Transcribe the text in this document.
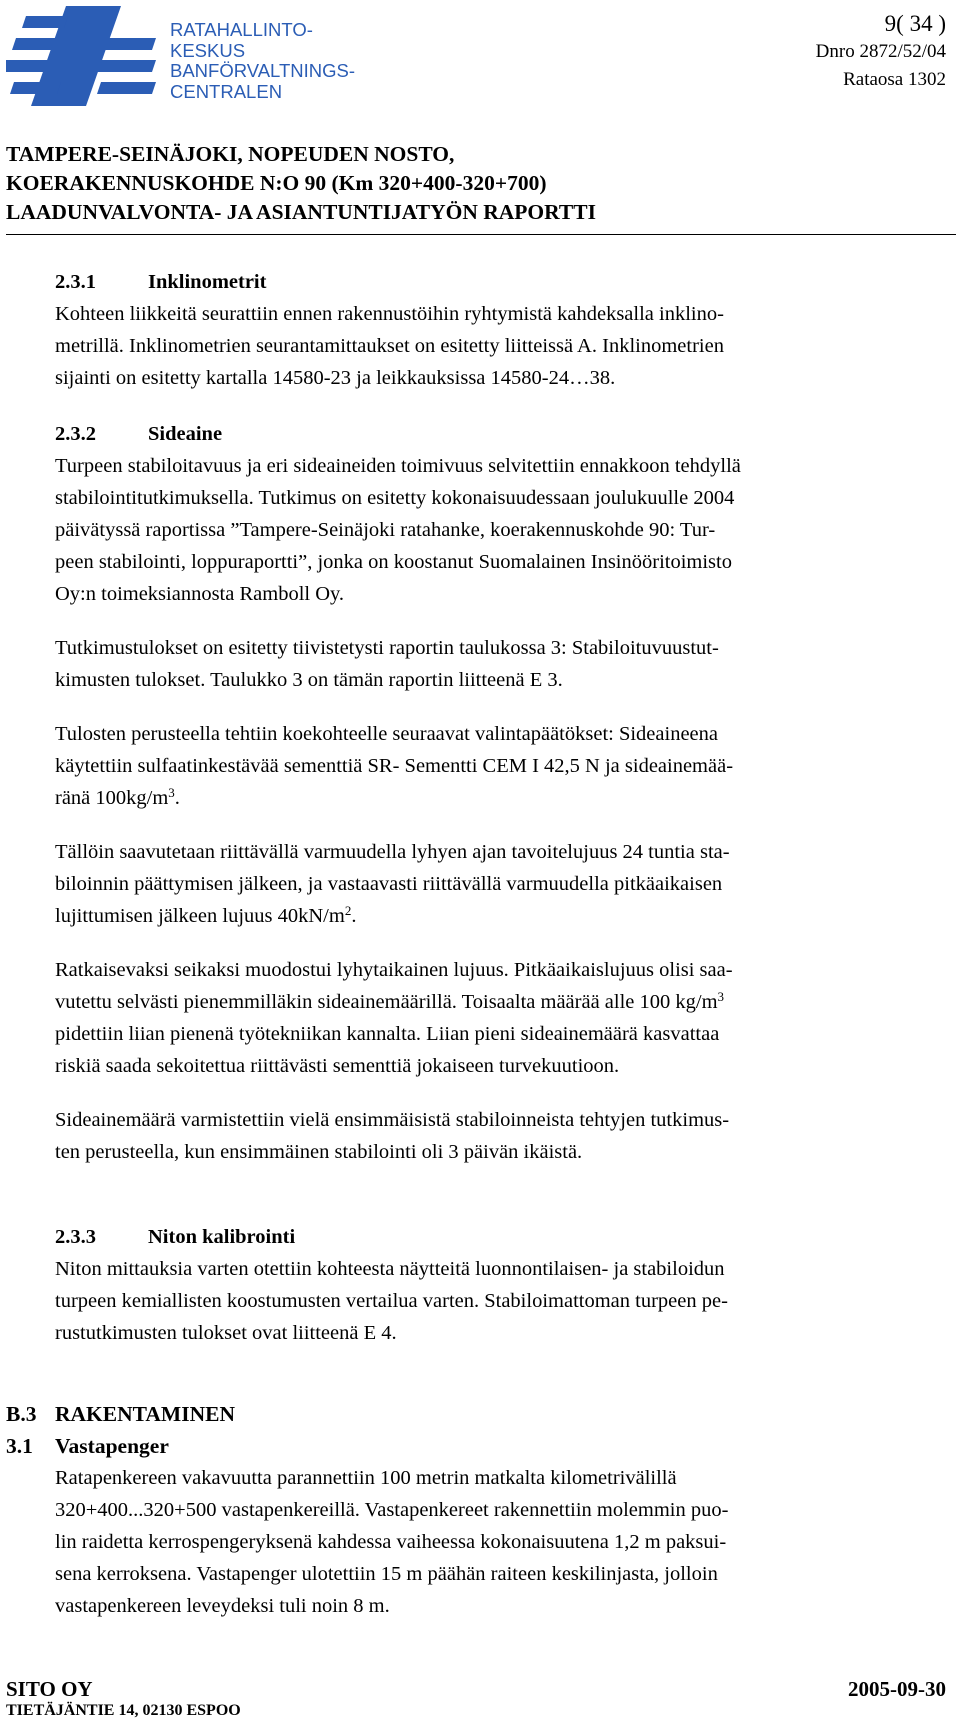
RATAHALLINTO-
KESKUS
BANFÖRVALTNINGS-
CENTRALEN
9( 34 )
Dnro 2872/52/04
Rataosa 1302
TAMPERE-SEINÄJOKI, NOPEUDEN NOSTO,
KOERAKENNUSKOHDE N:O 90 (Km 320+400-320+700)
LAADUNVALVONTA- JA ASIANTUNTIJATYÖN RAPORTTI
2.3.1	Inklinometrit

Kohteen liikkeitä seurattiin ennen rakennustöihin ryhtymistä kahdeksalla inklino-
metrillä. Inklinometrien seurantamittaukset on esitetty liitteissä A. Inklinometrien
sijainti on esitetty kartalla 14580-23 ja leikkauksissa 14580-24…38.

2.3.2	Sideaine

Turpeen stabiloitavuus ja eri sideaineiden toimivuus selvitettiin ennakkoon tehdyllä
stabilointitutkimuksella. Tutkimus on esitetty kokonaisuudessaan joulukuulle 2004
päivätyssä raportissa ”Tampere-Seinäjoki ratahanke, koerakennuskohde 90: Tur-
peen stabilointi, loppuraportti”, jonka on koostanut Suomalainen Insinööritoimisto
Oy:n toimeksiannosta Ramboll Oy.

Tutkimustulokset on esitetty tiivistetysti raportin taulukossa 3: Stabiloituvuustut-
kimusten tulokset. Taulukko 3 on tämän raportin liitteenä E 3.

Tulosten perusteella tehtiin koekohteelle seuraavat valintapäätökset: Sideaineena
käytettiin sulfaatinkestävää sementtiä SR- Sementti CEM I 42,5 N ja sideainemää-
ränä $100kg/m^3$.

Tällöin saavutetaan riittävällä varmuudella lyhyen ajan tavoitelujuus 24 tuntia sta-
biloinnin päättymisen jälkeen, ja vastaavasti riittävällä varmuudella pitkäaikaisen
lujittumisen jälkeen lujuus $40kN/m^2$.

Ratkaisevaksi seikaksi muodostui lyhytaikainen lujuus. Pitkäaikaislujuus olisi saa-
vutettu selvästi pienemmilläkin sideainemäärillä. Toisaalta määrää alle 100 $kg/m^3$
pidettiin liian pienenä työtekniikan kannalta. Liian pieni sideainemäärä kasvattaa
riskiä saada sekoitettua riittävästi sementtiä jokaiseen turvekuutioon.

Sideainemäärä varmistettiin vielä ensimmäisistä stabiloinneista tehtyjen tutkimus-
ten perusteella, kun ensimmäinen stabilointi oli 3 päivän ikäistä.

2.3.3	Niton kalibrointi

Niton mittauksia varten otettiin kohteesta näytteitä luonnontilaisen- ja stabiloidun
turpeen kemiallisten koostumusten vertailua varten. Stabiloimattoman turpeen pe-
rustutkimusten tulokset ovat liitteenä E 4.

B.3 RAKENTAMINEN
3.1 Vastapenger

Ratapenkereen vakavuutta parannettiin 100 metrin matkalta kilometrivälillä
320+400...320+500 vastapenkereillä. Vastapenkereet rakennettiin molemmin puo-
lin raidetta kerrospengeryksenä kahdessa vaiheessa kokonaisuutena 1,2 m paksui-
sena kerroksena. Vastapenger ulotettiin 15 m päähän raiteen keskilinjasta, jolloin
vastapenkereen leveydeksi tuli noin 8 m.

SITO OY	2005-09-30
TIETÄJÄNTIE 14, 02130 ESPOO
